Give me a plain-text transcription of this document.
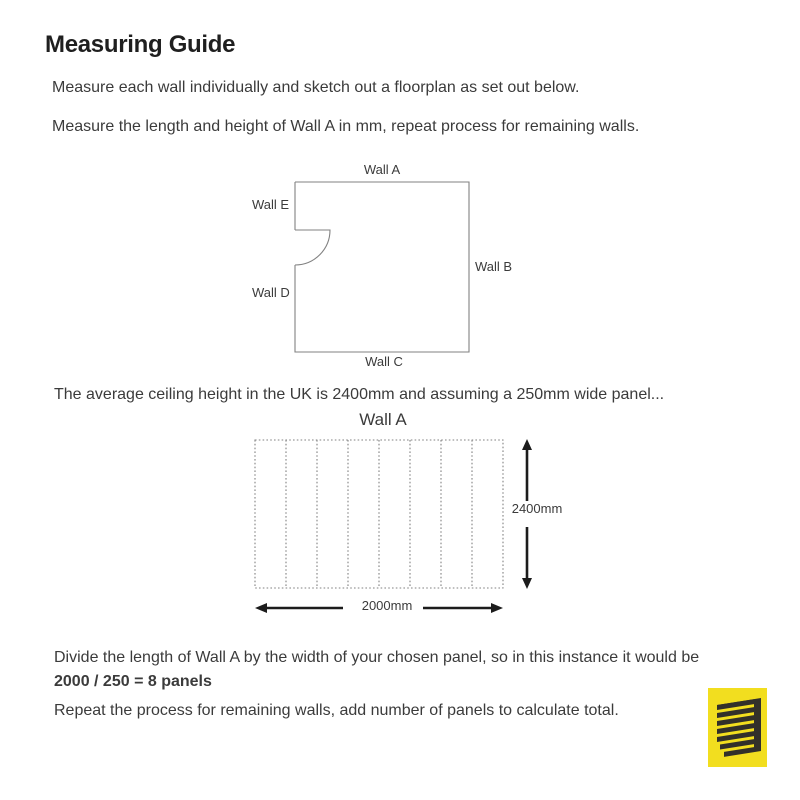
Measuring Guide
Measure each wall individually and sketch out a floorplan as set out below.
Measure the length and height of Wall A in mm, repeat process for remaining walls.
Wall A
Wall E
Wall B
Wall D
Wall C
The average ceiling height in the UK is 2400mm and assuming a 250mm wide panel...
Wall A
2400mm
2000mm
Divide the length of Wall A by the width of your chosen panel, so in this instance it would be
2000 / 250 = 8 panels
Repeat the process for remaining walls, add number of panels to calculate total.
